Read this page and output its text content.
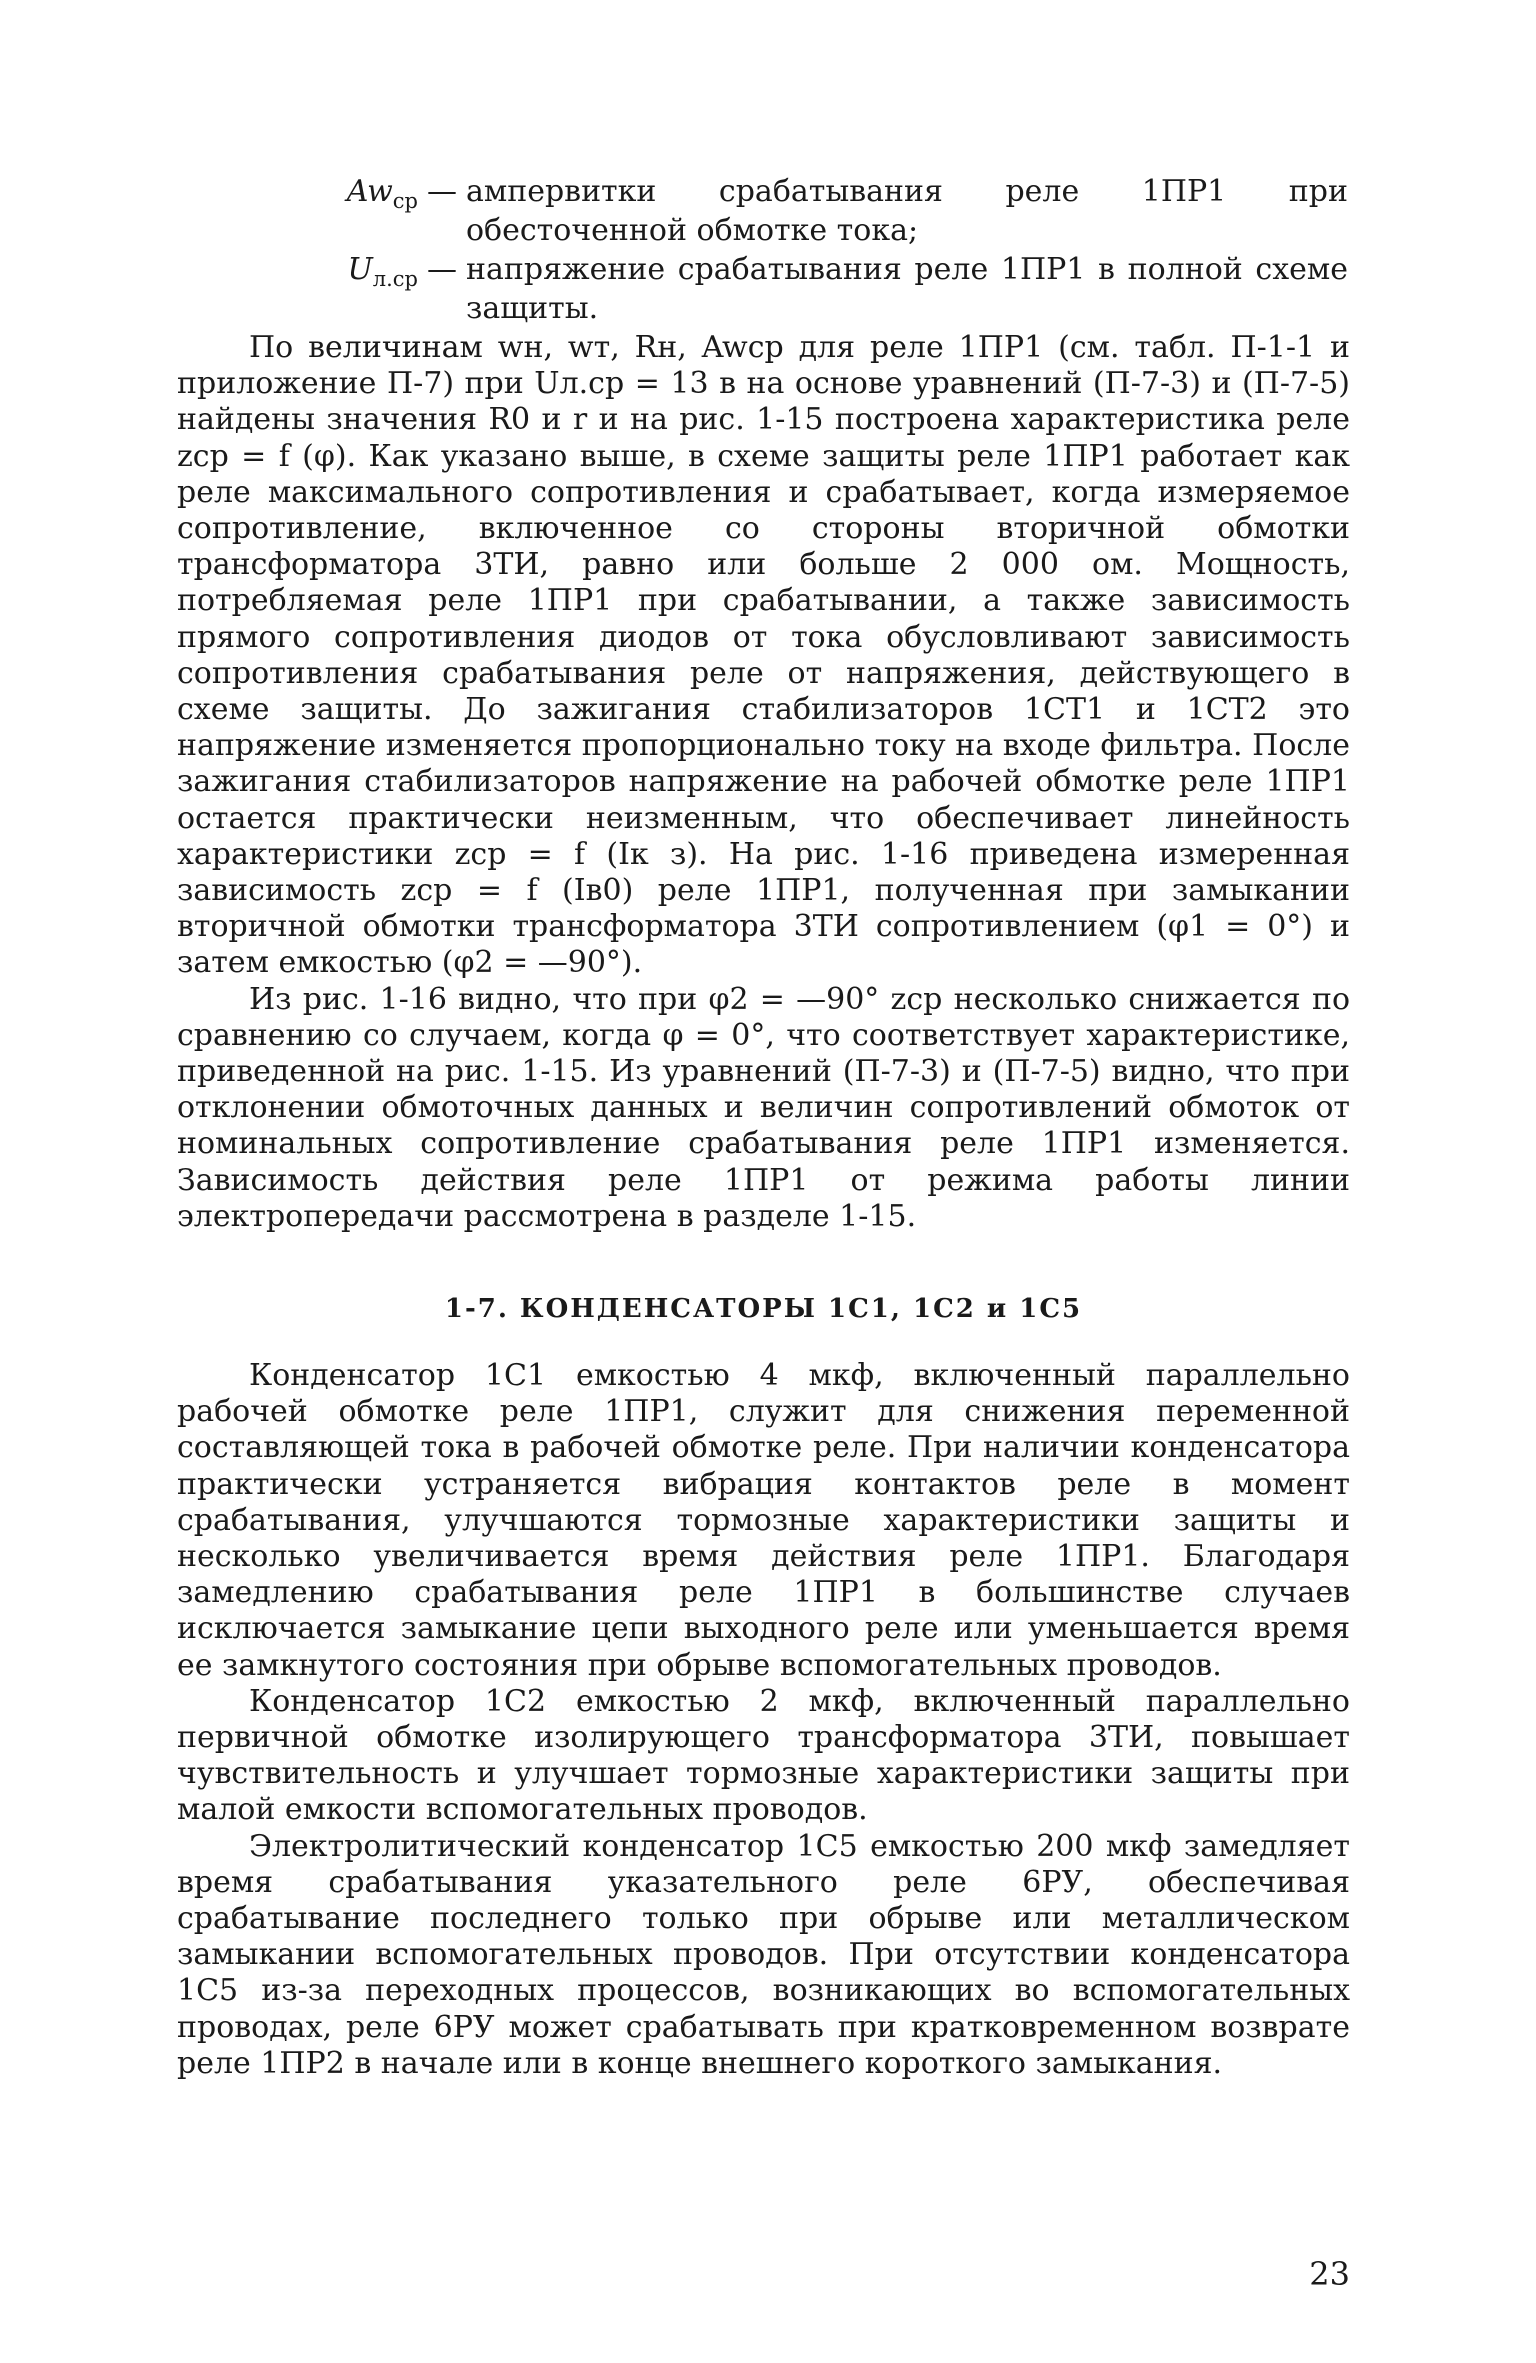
$Aw_{ср}$ — ампервитки срабатывания реле 1ПР1 при обесточенной обмотке тока;
$U_{л.ср}$ — напряжение срабатывания реле 1ПР1 в полной схеме защиты.

По величинам wн, wт, Rн, Awср для реле 1ПР1 (см. табл. П-1-1 и приложение П-7) при Uл.ср = 13 в на основе уравнений (П-7-3) и (П-7-5) найдены значения R0 и r и на рис. 1-15 построена характеристика реле zср = f (φ). Как указано выше, в схеме защиты реле 1ПР1 работает как реле максимального сопротивления и срабатывает, когда измеряемое сопротивление, включенное со стороны вторичной обмотки трансформатора 3ТИ, равно или больше 2 000 ом. Мощность, потребляемая реле 1ПР1 при срабатывании, а также зависимость прямого сопротивления диодов от тока обусловливают зависимость сопротивления срабатывания реле от напряжения, действующего в схеме защиты. До зажигания стабилизаторов 1СТ1 и 1СТ2 это напряжение изменяется пропорционально току на входе фильтра. После зажигания стабилизаторов напряжение на рабочей обмотке реле 1ПР1 остается практически неизменным, что обеспечивает линейность характеристики zср = f (Iк з). На рис. 1-16 приведена измеренная зависимость zср = f (Iв0) реле 1ПР1, полученная при замыкании вторичной обмотки трансформатора 3ТИ сопротивлением (φ1 = 0°) и затем емкостью (φ2 = —90°).

Из рис. 1-16 видно, что при φ2 = —90° zср несколько снижается по сравнению со случаем, когда φ = 0°, что соответствует характеристике, приведенной на рис. 1-15. Из уравнений (П-7-3) и (П-7-5) видно, что при отклонении обмоточных данных и величин сопротивлений обмоток от номинальных сопротивление срабатывания реле 1ПР1 изменяется. Зависимость действия реле 1ПР1 от режима работы линии электропередачи рассмотрена в разделе 1-15.

1-7. КОНДЕНСАТОРЫ 1С1, 1С2 и 1С5

Конденсатор 1С1 емкостью 4 мкф, включенный параллельно рабочей обмотке реле 1ПР1, служит для снижения переменной составляющей тока в рабочей обмотке реле. При наличии конденсатора практически устраняется вибрация контактов реле в момент срабатывания, улучшаются тормозные характеристики защиты и несколько увеличивается время действия реле 1ПР1. Благодаря замедлению срабатывания реле 1ПР1 в большинстве случаев исключается замыкание цепи выходного реле или уменьшается время ее замкнутого состояния при обрыве вспомогательных проводов.

Конденсатор 1С2 емкостью 2 мкф, включенный параллельно первичной обмотке изолирующего трансформатора 3ТИ, повышает чувствительность и улучшает тормозные характеристики защиты при малой емкости вспомогательных проводов.

Электролитический конденсатор 1С5 емкостью 200 мкф замедляет время срабатывания указательного реле 6РУ, обеспечивая срабатывание последнего только при обрыве или металлическом замыкании вспомогательных проводов. При отсутствии конденсатора 1С5 из-за переходных процессов, возникающих во вспомогательных проводах, реле 6РУ может срабатывать при кратковременном возврате реле 1ПР2 в начале или в конце внешнего короткого замыкания.

23
